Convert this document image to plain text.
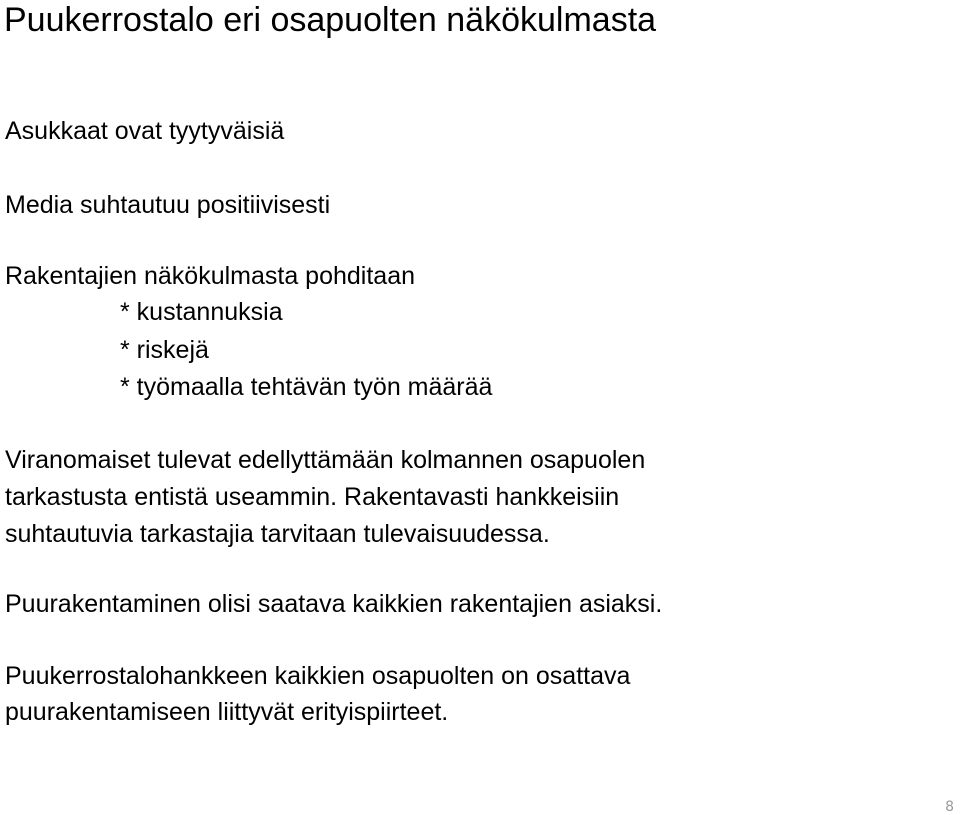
Puukerrostalo eri osapuolten näkökulmasta

Asukkaat ovat tyytyväisiä

Media suhtautuu positiivisesti

Rakentajien näkökulmasta pohditaan

* kustannuksia

* riskejä

* työmaalla tehtävän työn määrää

Viranomaiset tulevat edellyttämään kolmannen osapuolen

tarkastusta entistä useammin. Rakentavasti hankkeisiin

suhtautuvia tarkastajia tarvitaan tulevaisuudessa.

Puurakentaminen olisi saatava kaikkien rakentajien asiaksi.

Puukerrostalohankkeen kaikkien osapuolten on osattava

puurakentamiseen liittyvät erityispiirteet.

8
